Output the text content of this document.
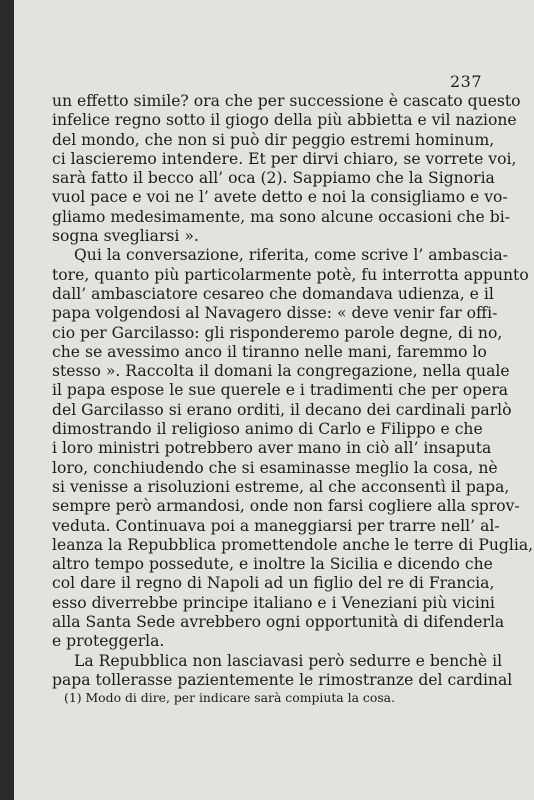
237
un effetto simile? ora che per successione è cascato questo
infelice regno sotto il giogo della più abbietta e vil nazione
del mondo, che non si può dir peggio estremi hominum,
ci lascieremo intendere. Et per dirvi chiaro, se vorrete voi,
sarà fatto il becco all’ oca (2). Sappiamo che la Signoria
vuol pace e voi ne l’ avete detto e noi la consigliamo e vo-
gliamo medesimamente, ma sono alcune occasioni che bi-
sogna svegliarsi ».
Qui la conversazione, riferita, come scrive l’ ambascia-
tore, quanto più particolarmente potè, fu interrotta appunto
dall’ ambasciatore cesareo che domandava udienza, e il
papa volgendosi al Navagero disse: « deve venir far offi-
cio per Garcilasso: gli risponderemo parole degne, di no,
che se avessimo anco il tiranno nelle mani, faremmo lo
stesso ». Raccolta il domani la congregazione, nella quale
il papa espose le sue querele e i tradimenti che per opera
del Garcilasso si erano orditi, il decano dei cardinali parlò
dimostrando il religioso animo di Carlo e Filippo e che
i loro ministri potrebbero aver mano in ciò all’ insaputa
loro, conchiudendo che si esaminasse meglio la cosa, nè
si venisse a risoluzioni estreme, al che acconsentì il papa,
sempre però armandosi, onde non farsi cogliere alla sprov-
veduta. Continuava poi a maneggiarsi per trarre nell’ al-
leanza la Repubblica promettendole anche le terre di Puglia,
altro tempo possedute, e inoltre la Sicilia e dicendo che
col dare il regno di Napoli ad un figlio del re di Francia,
esso diverrebbe principe italiano e i Veneziani più vicini
alla Santa Sede avrebbero ogni opportunità di difenderla
e proteggerla.
La Repubblica non lasciavasi però sedurre e benchè il
papa tollerasse pazientemente le rimostranze del cardinal
(1) Modo di dire, per indicare sarà compiuta la cosa.
